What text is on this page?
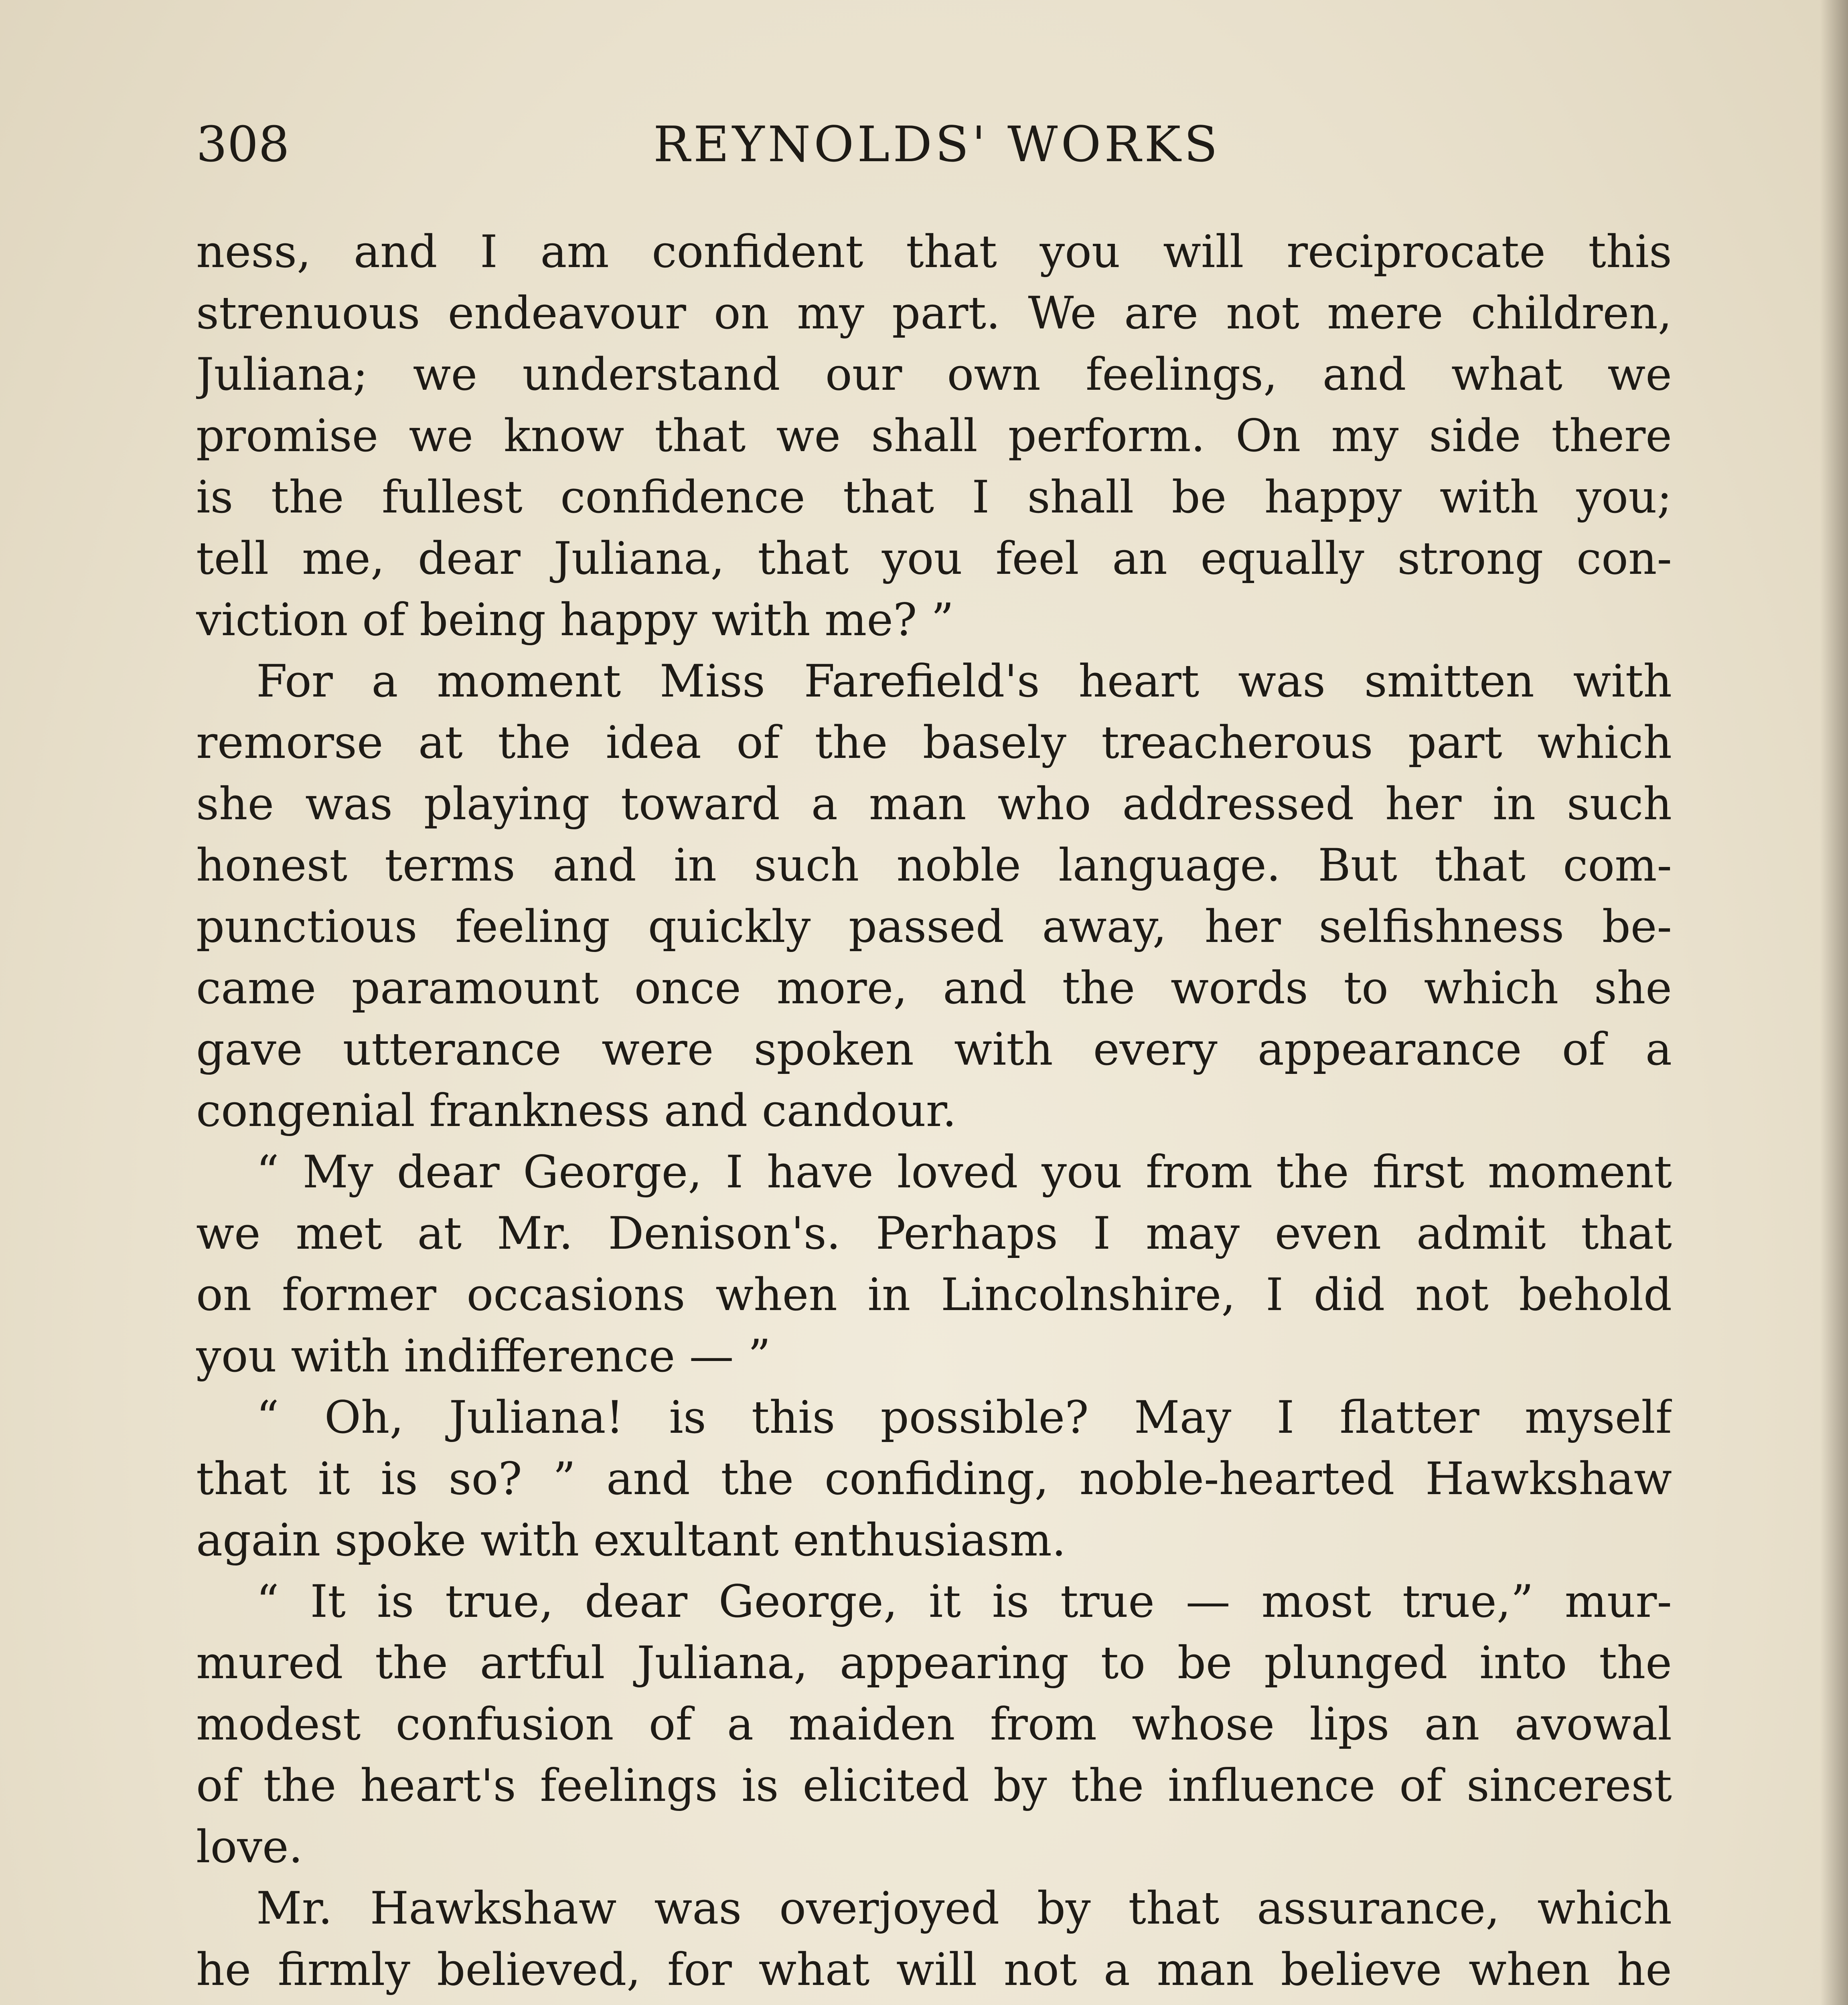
308	REYNOLDS' WORKS
ness, and I am confident that you will reciprocate this
strenuous endeavour on my part. We are not mere children,
Juliana; we understand our own feelings, and what we
promise we know that we shall perform. On my side there
is the fullest confidence that I shall be happy with you;
tell me, dear Juliana, that you feel an equally strong con-
viction of being happy with me? ”
For a moment Miss Farefield's heart was smitten with
remorse at the idea of the basely treacherous part which
she was playing toward a man who addressed her in such
honest terms and in such noble language. But that com-
punctious feeling quickly passed away, her selfishness be-
came paramount once more, and the words to which she
gave utterance were spoken with every appearance of a
congenial frankness and candour.
“ My dear George, I have loved you from the first moment
we met at Mr. Denison's. Perhaps I may even admit that
on former occasions when in Lincolnshire, I did not behold
you with indifference — ”
“ Oh, Juliana! is this possible? May I flatter myself
that it is so? ” and the confiding, noble-hearted Hawkshaw
again spoke with exultant enthusiasm.
“ It is true, dear George, it is true — most true,” mur-
mured the artful Juliana, appearing to be plunged into the
modest confusion of a maiden from whose lips an avowal
of the heart's feelings is elicited by the influence of sincerest
love.
Mr. Hawkshaw was overjoyed by that assurance, which
he firmly believed, for what will not a man believe when he
